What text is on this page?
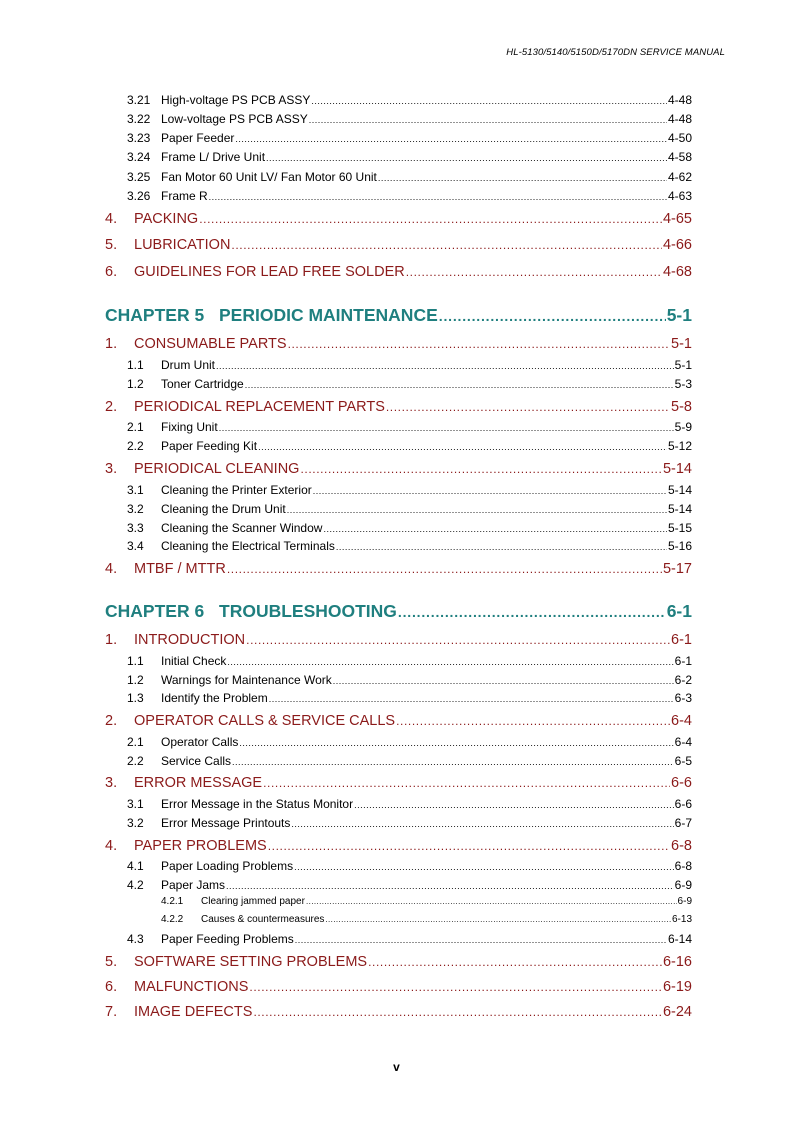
HL-5130/5140/5150D/5170DN SERVICE MANUAL
3.21 High-voltage PS PCB ASSY .....	4-48
3.22 Low-voltage PS PCB ASSY .....	4-48
3.23 Paper Feeder .....	4-50
3.24 Frame L/ Drive Unit .....	4-58
3.25 Fan Motor 60 Unit LV/ Fan Motor 60 Unit .....	4-62
3.26 Frame R .....	4-63
4.	PACKING .....	4-65
5.	LUBRICATION .....	4-66
6.	GUIDELINES FOR LEAD FREE SOLDER .....	4-68
CHAPTER 5 PERIODIC MAINTENANCE .....	5-1
1.	CONSUMABLE PARTS .....	5-1
1.1	Drum Unit .....	5-1
1.2	Toner Cartridge .....	5-3
2.	PERIODICAL REPLACEMENT PARTS .....	5-8
2.1	Fixing Unit .....	5-9
2.2	Paper Feeding Kit .....	5-12
3.	PERIODICAL CLEANING .....	5-14
3.1	Cleaning the Printer Exterior .....	5-14
3.2	Cleaning the Drum Unit .....	5-14
3.3	Cleaning the Scanner Window .....	5-15
3.4	Cleaning the Electrical Terminals .....	5-16
4.	MTBF / MTTR .....	5-17
CHAPTER 6 TROUBLESHOOTING .....	6-1
1.	INTRODUCTION .....	6-1
1.1	Initial Check .....	6-1
1.2	Warnings for Maintenance Work .....	6-2
1.3	Identify the Problem .....	6-3
2.	OPERATOR CALLS & SERVICE CALLS .....	6-4
2.1	Operator Calls .....	6-4
2.2	Service Calls .....	6-5
3.	ERROR MESSAGE .....	6-6
3.1	Error Message in the Status Monitor .....	6-6
3.2	Error Message Printouts .....	6-7
4.	PAPER PROBLEMS .....	6-8
4.1	Paper Loading Problems .....	6-8
4.2	Paper Jams .....	6-9
4.2.1	Clearing jammed paper .....	6-9
4.2.2	Causes & countermeasures .....	6-13
4.3	Paper Feeding Problems .....	6-14
5.	SOFTWARE SETTING PROBLEMS .....	6-16
6.	MALFUNCTIONS .....	6-19
7.	IMAGE DEFECTS .....	6-24
v
